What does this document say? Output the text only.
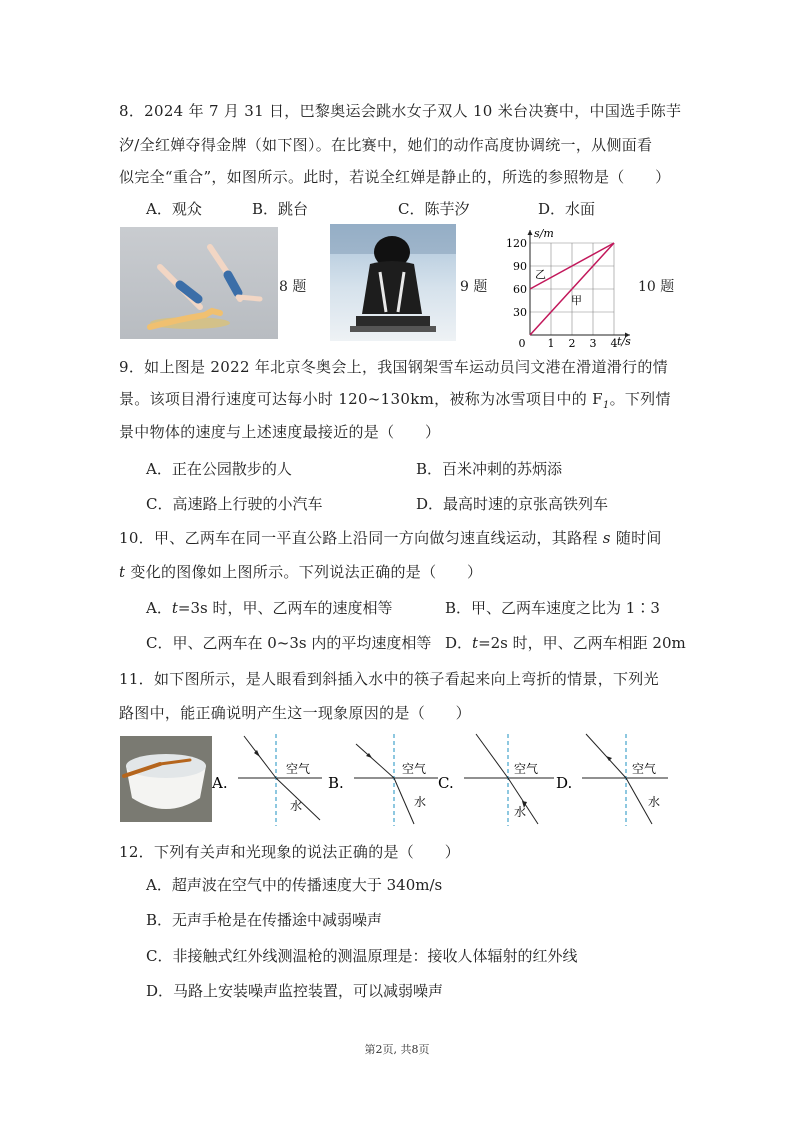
8．2024 年 7 月 31 日，巴黎奥运会跳水女子双人 10 米台决赛中，中国选手陈芋
汐/全红婵夺得金牌（如下图）。在比赛中，她们的动作高度协调统一，从侧面看
似完全“重合”，如图所示。此时，若说全红婵是静止的，所选的参照物是（　　）
A．观众	B．跳台	C．陈芋汐	D．水面
8 题	9 题
30
60
90
120
0 1 2 3 4
s/m
t/s
乙
甲
10 题
9．如上图是 2022 年北京冬奥会上，我国钢架雪车运动员闫文港在滑道滑行的情
景。该项目滑行速度可达每小时 120~130km，被称为冰雪项目中的 $F_1$。下列情
景中物体的速度与上述速度最接近的是（　　）
A．正在公园散步的人	B．百米冲刺的苏炳添
C．高速路上行驶的小汽车	D．最高时速的京张高铁列车
10．甲、乙两车在同一平直公路上沿同一方向做匀速直线运动，其路程 s 随时间
t 变化的图像如上图所示。下列说法正确的是（　　）
A．t=3s 时，甲、乙两车的速度相等	B．甲、乙两车速度之比为 1∶3
C．甲、乙两车在 0~3s 内的平均速度相等 D．t=2s 时，甲、乙两车相距 20m
11．如下图所示，是人眼看到斜插入水中的筷子看起来向上弯折的情景，下列光
路图中，能正确说明产生这一现象原因的是（　　）
A.
空气
水
B.
空气
水
C.
空气
水
D.
空气
水
12．下列有关声和光现象的说法正确的是（　　）
A．超声波在空气中的传播速度大于 340m/s
B．无声手枪是在传播途中减弱噪声
C．非接触式红外线测温枪的测温原理是：接收人体辐射的红外线
D．马路上安装噪声监控装置，可以减弱噪声
第2页, 共8页
